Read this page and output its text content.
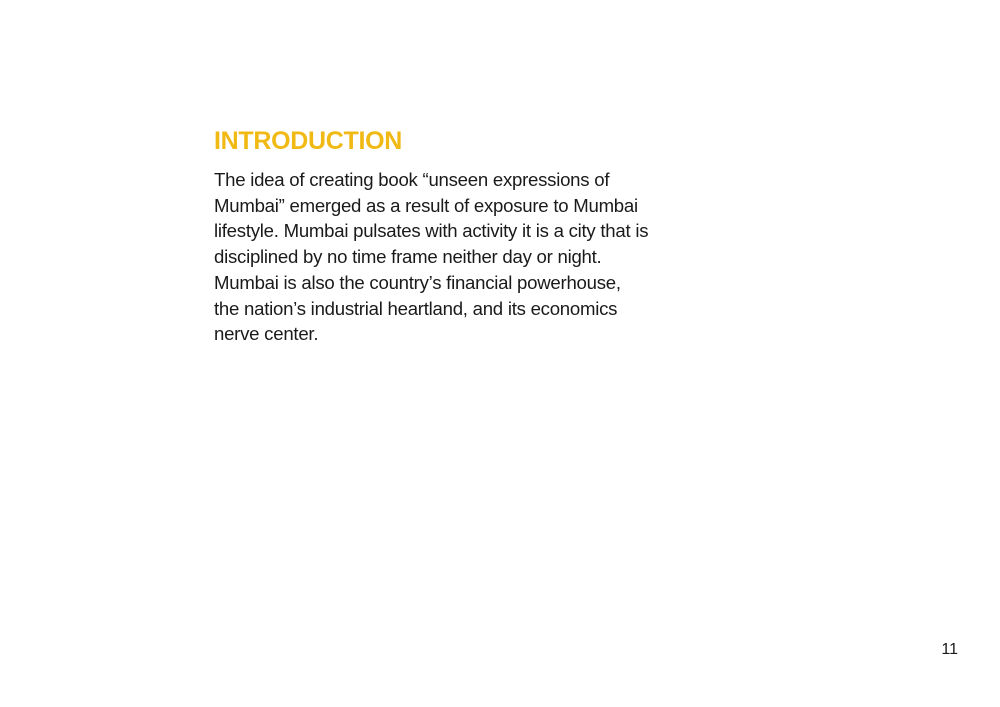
INTRODUCTION
The idea of creating book “unseen expressions of
Mumbai” emerged as a result of exposure to Mumbai
lifestyle. Mumbai pulsates with activity it is a city that is
disciplined by no time frame neither day or night.
Mumbai is also the country’s financial powerhouse,
the nation’s industrial heartland, and its economics
nerve center.
11
